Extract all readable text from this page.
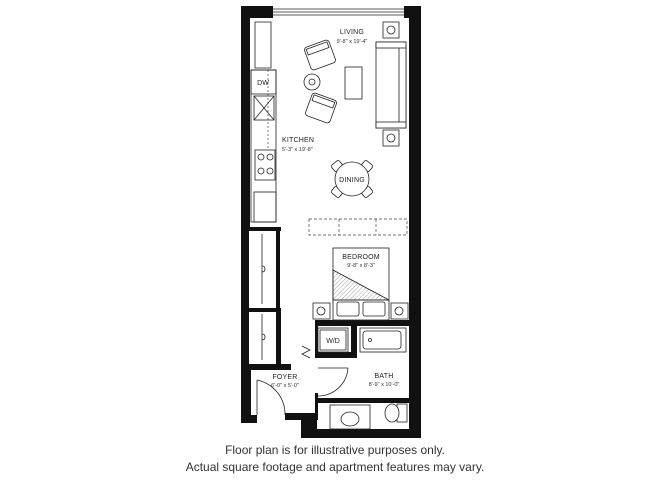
LIVING
9'-8" x 19'-4"
KITCHEN
5'-3" x 19'-8"
DINING
BEDROOM
9'-8" x 8'-3"
FOYER
6'-0" x 5'-0"
BATH
8'-9" x 10'-0"
DW
W/D
Floor plan is for illustrative purposes only.
Actual square footage and apartment features may vary.
